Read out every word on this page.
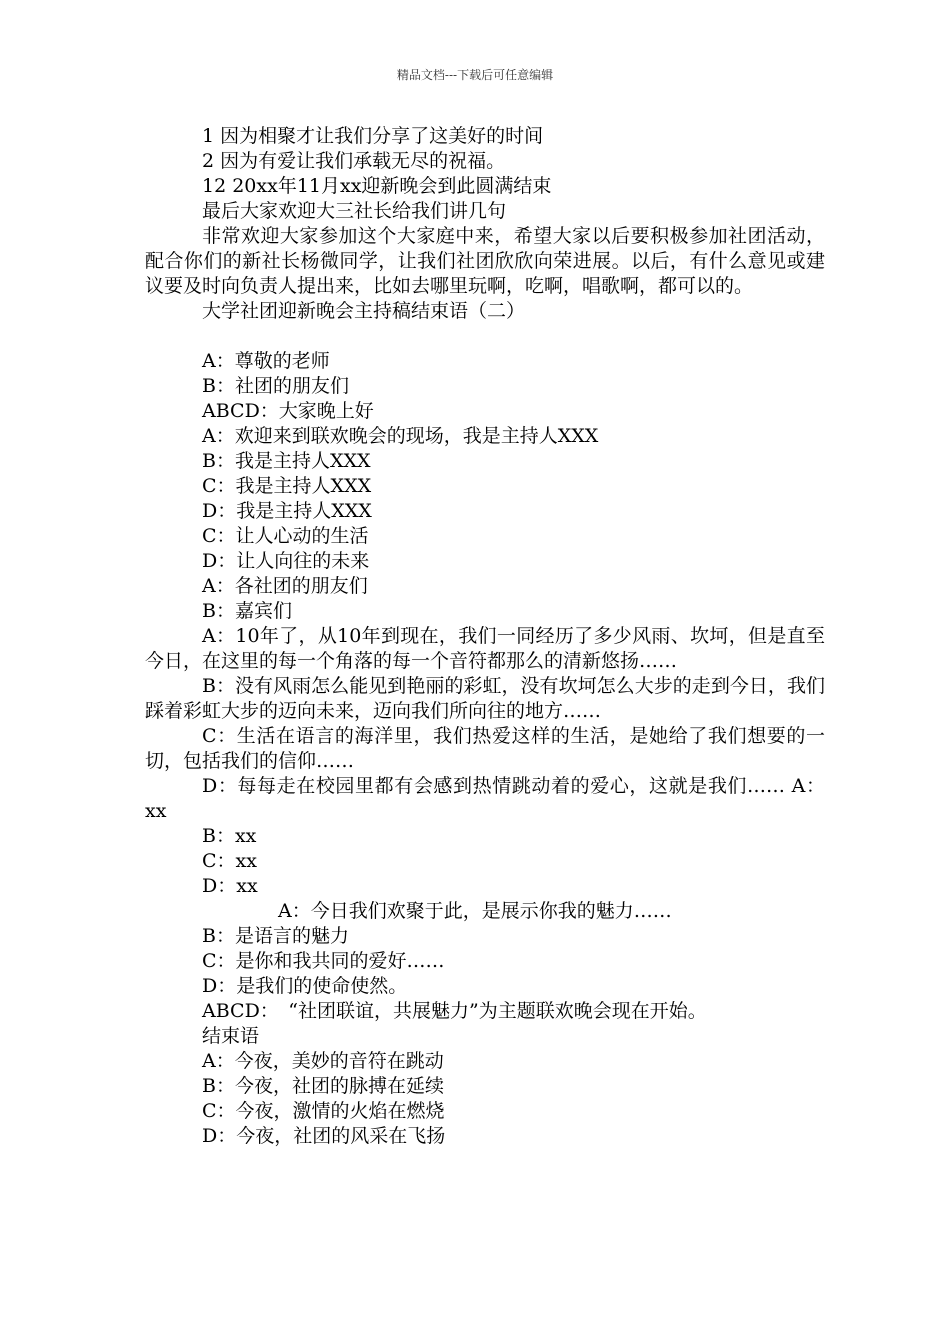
精品文档---下载后可任意编辑

1 因为相聚才让我们分享了这美好的时间

2 因为有爱让我们承载无尽的祝福。

12 20xx年11月xx迎新晚会到此圆满结束

最后大家欢迎大三社长给我们讲几句

非常欢迎大家参加这个大家庭中来，希望大家以后要积极参加社团活动，配合你们的新社长杨微同学，让我们社团欣欣向荣进展。以后，有什么意见或建议要及时向负责人提出来，比如去哪里玩啊，吃啊，唱歌啊，都可以的。

大学社团迎新晚会主持稿结束语（二）

A：尊敬的老师

B：社团的朋友们

ABCD：大家晚上好

A：欢迎来到联欢晚会的现场，我是主持人XXX

B：我是主持人XXX

C：我是主持人XXX

D：我是主持人XXX

C：让人心动的生活

D：让人向往的未来

A：各社团的朋友们

B：嘉宾们

A：10年了，从10年到现在，我们一同经历了多少风雨、坎坷，但是直至今日，在这里的每一个角落的每一个音符都那么的清新悠扬……

B：没有风雨怎么能见到艳丽的彩虹，没有坎坷怎么大步的走到今日，我们踩着彩虹大步的迈向未来，迈向我们所向往的地方……

C：生活在语言的海洋里，我们热爱这样的生活，是她给了我们想要的一切，包括我们的信仰……

D：每每走在校园里都有会感到热情跳动着的爱心，这就是我们…… A：xx

B：xx

C：xx

D：xx

A：今日我们欢聚于此，是展示你我的魅力……

B：是语言的魅力

C：是你和我共同的爱好……

D：是我们的使命使然。

ABCD：　“社团联谊，共展魅力”为主题联欢晚会现在开始。

结束语

A：今夜，美妙的音符在跳动

B：今夜，社团的脉搏在延续

C：今夜，激情的火焰在燃烧

D：今夜，社团的风采在飞扬
